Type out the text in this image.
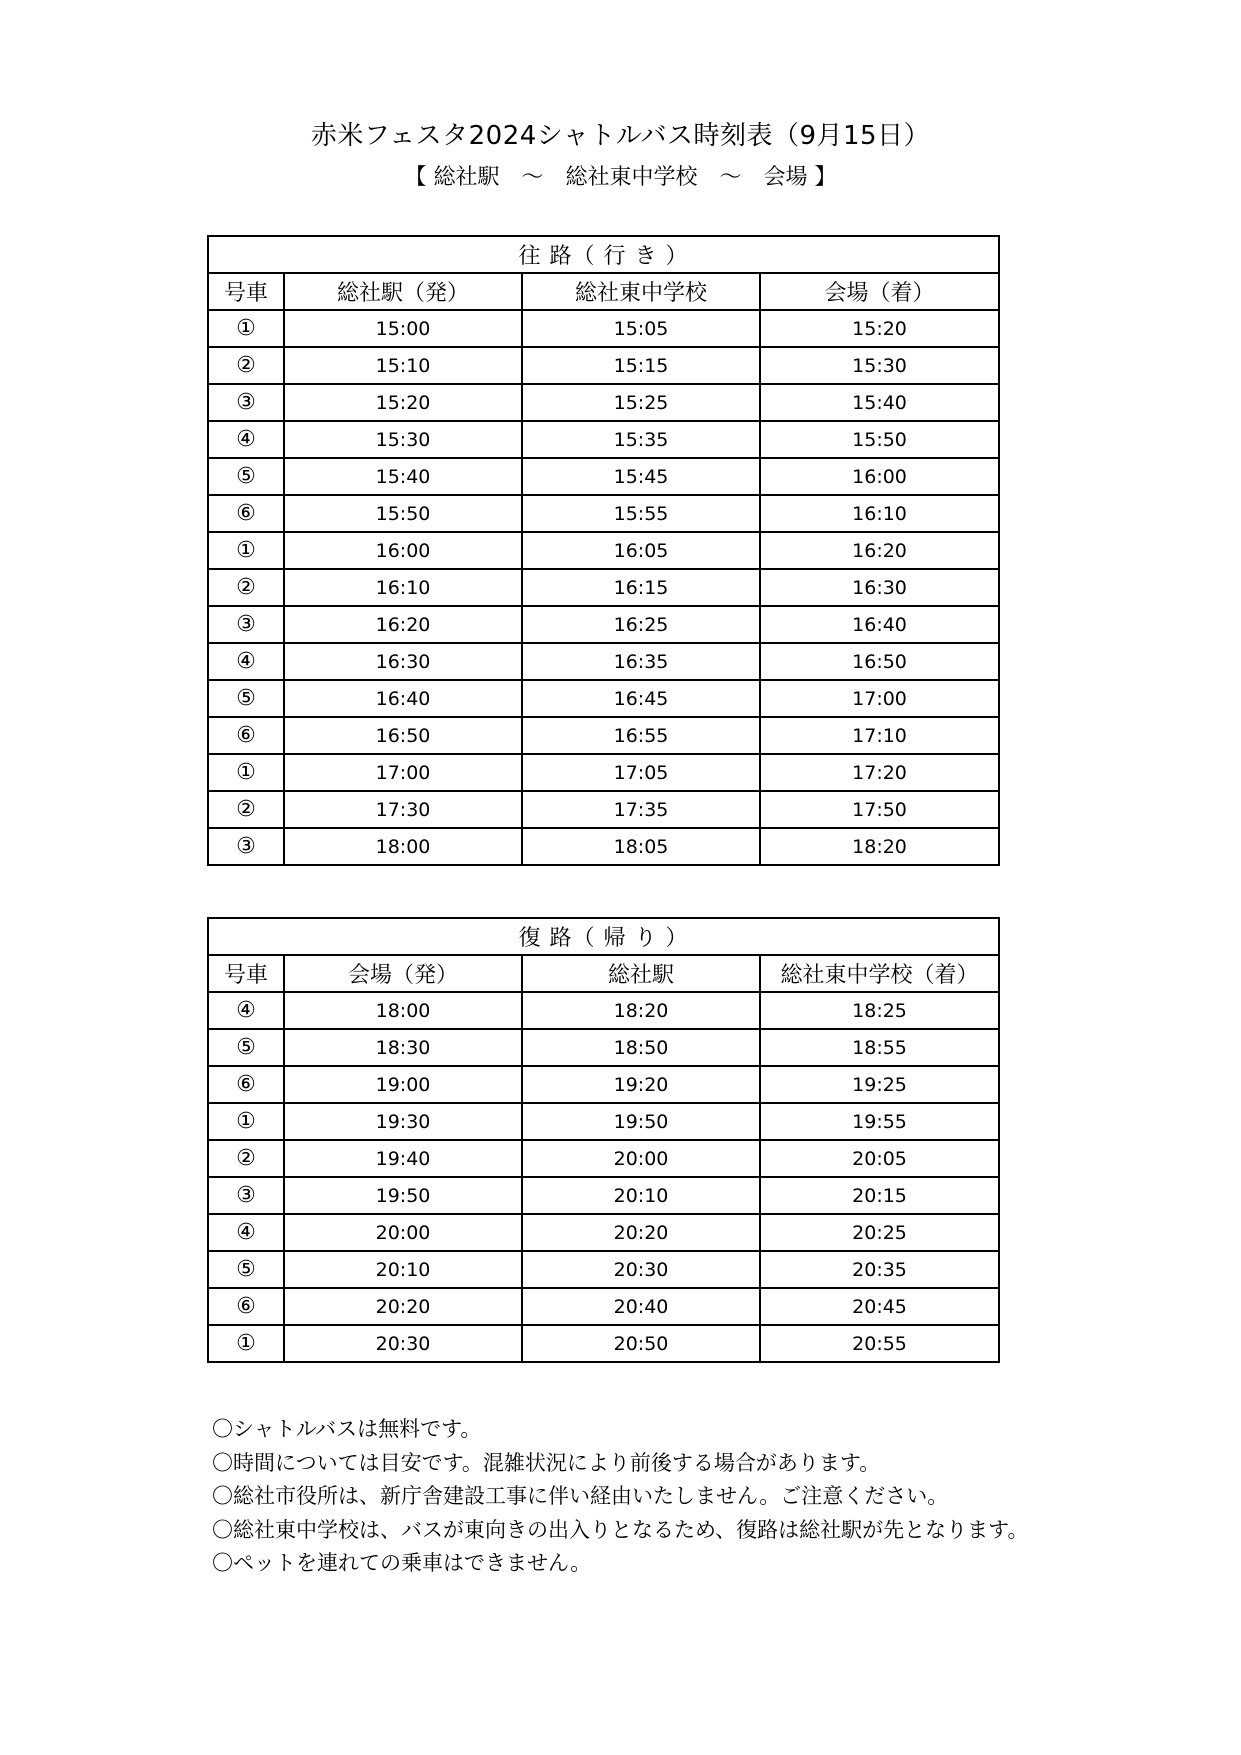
赤米フェスタ2024シャトルバス時刻表（9月15日）
【 総社駅　～　総社東中学校　～　会場 】
往 路（ 行 き ）			
号車	総社駅（発）	総社東中学校	会場（着）
①	15:00	15:05	15:20
②	15:10	15:15	15:30
③	15:20	15:25	15:40
④	15:30	15:35	15:50
⑤	15:40	15:45	16:00
⑥	15:50	15:55	16:10
①	16:00	16:05	16:20
②	16:10	16:15	16:30
③	16:20	16:25	16:40
④	16:30	16:35	16:50
⑤	16:40	16:45	17:00
⑥	16:50	16:55	17:10
①	17:00	17:05	17:20
②	17:30	17:35	17:50
③	18:00	18:05	18:20
復 路（ 帰 り ）			
号車	会場（発）	総社駅	総社東中学校（着）
④	18:00	18:20	18:25
⑤	18:30	18:50	18:55
⑥	19:00	19:20	19:25
①	19:30	19:50	19:55
②	19:40	20:00	20:05
③	19:50	20:10	20:15
④	20:00	20:20	20:25
⑤	20:10	20:30	20:35
⑥	20:20	20:40	20:45
①	20:30	20:50	20:55
〇シャトルバスは無料です。
〇時間については目安です。混雑状況により前後する場合があります。
〇総社市役所は、新庁舎建設工事に伴い経由いたしません。ご注意ください。
〇総社東中学校は、バスが東向きの出入りとなるため、復路は総社駅が先となります。
〇ペットを連れての乗車はできません。
